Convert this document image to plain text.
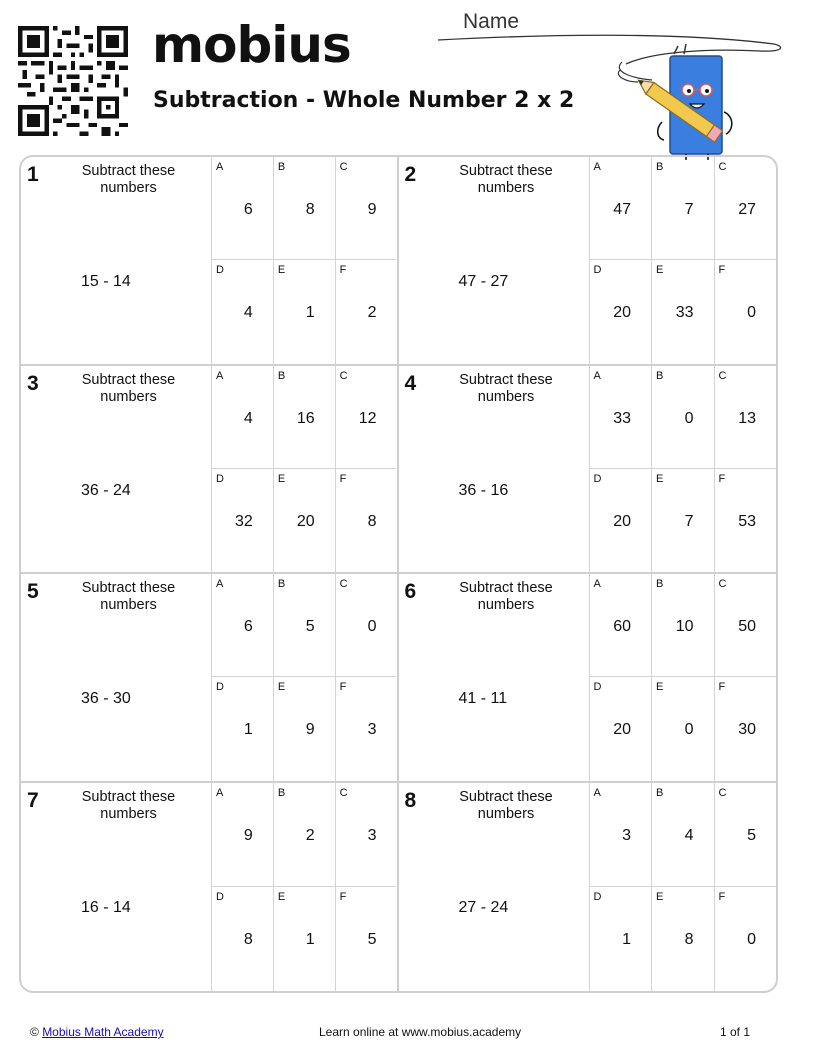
mobius
Subtraction - Whole Number 2 x 2
Name
1	Subtract these numbers
15 - 14
A
6
B
8
C
9
D
4
E
1
F
2
2	Subtract these numbers
47 - 27
A
47
B
7
C
27
D
20
E
33
F
0
3	Subtract these numbers
36 - 24
A
4
B
16
C
12
D
32
E
20
F
8
4	Subtract these numbers
36 - 16
A
33
B
0
C
13
D
20
E
7
F
53
5	Subtract these numbers
36 - 30
A
6
B
5
C
0
D
1
E
9
F
3
6	Subtract these numbers
41 - 11
A
60
B
10
C
50
D
20
E
0
F
30
7	Subtract these numbers
16 - 14
A
9
B
2
C
3
D
8
E
1
F
5
8	Subtract these numbers
27 - 24
A
3
B
4
C
5
D
1
E
8
F
0
© Mobius Math Academy	Learn online at www.mobius.academy	1 of 1
